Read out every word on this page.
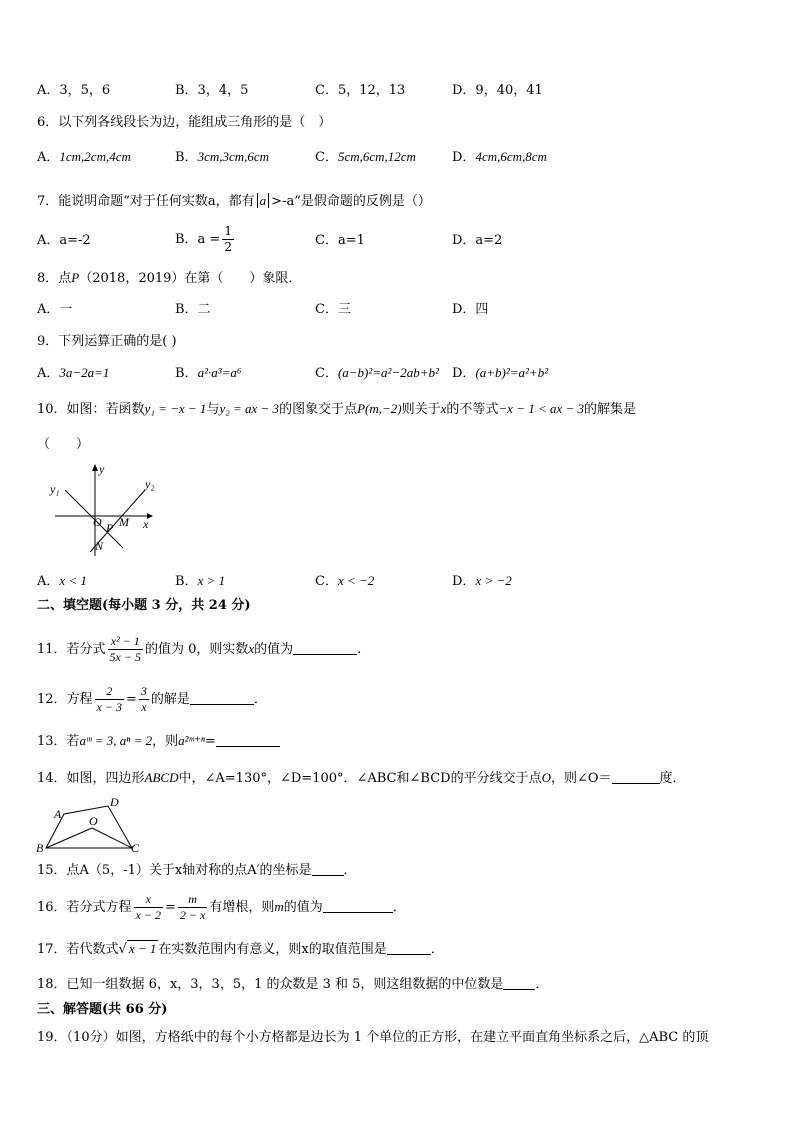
A．3，5，6	B．3，4，5	C．5，12，13	D．9，40，41
6．以下列各线段长为边，能组成三角形的是（　）
A．1cm,2cm,4cm	B．3cm,3cm,6cm	C．5cm,6cm,12cm	D．4cm,6cm,8cm
7．能说明命题“对于任何实数a，都有 a >-a”是假命题的反例是（）
A．a=-2	B．$a = \frac{1}{2}$	C．a=1	D．a=2
8．点P（2018，2019）在第（　　）象限．
A．一	B．二	C．三	D．四
9．下列运算正确的是( )
A．3a−2a=1	B．a²·a³=a⁶	C．(a−b)²=a²−2ab+b² D．(a+b)²=a²+b²
10．如图：若函数y₁ = −x − 1与y₂ = ax − 3的图象交于点P(m,−2)则关于x的不等式−x − 1 < ax − 3的解集是
（　　）
y
x
y₁	y₂
O P M
N
A．x < 1	B．x > 1	C．x < −2	D．x > −2
二、填空题(每小题 3 分，共 24 分)
11．若分式 $\frac{\text{x² − 1}}{5x - 5}$ 的值为 0，则实数x的值为	．
12．方程 $\frac{2}{x - 3} = \frac{3}{x}$ 的解是	．
13．若aᵐ = 3, aⁿ = 2，则a²ᵐ⁺ⁿ=
14．如图，四边形ABCD中，∠A=130°，∠D=100°．∠ABC和∠BCD的平分线交于点O，则∠O＝	度．
A
B	C
D
O
15．点A（5，-1）关于x轴对称的点A′的坐标是 ．
16．若分式方程 $\frac{x}{x - 2} = \frac{m}{2 - x}$ 有增根，则m的值为	．
17．若代数式√ x − 1 在实数范围内有意义，则x的取值范围是	．
18．已知一组数据 6，x，3，3，5，1 的众数是 3 和 5，则这组数据的中位数是 ．
三、解答题(共 66 分)
19．（10分）如图，方格纸中的每个小方格都是边长为 1 个单位的正方形，在建立平面直角坐标系之后，△ABC 的顶
